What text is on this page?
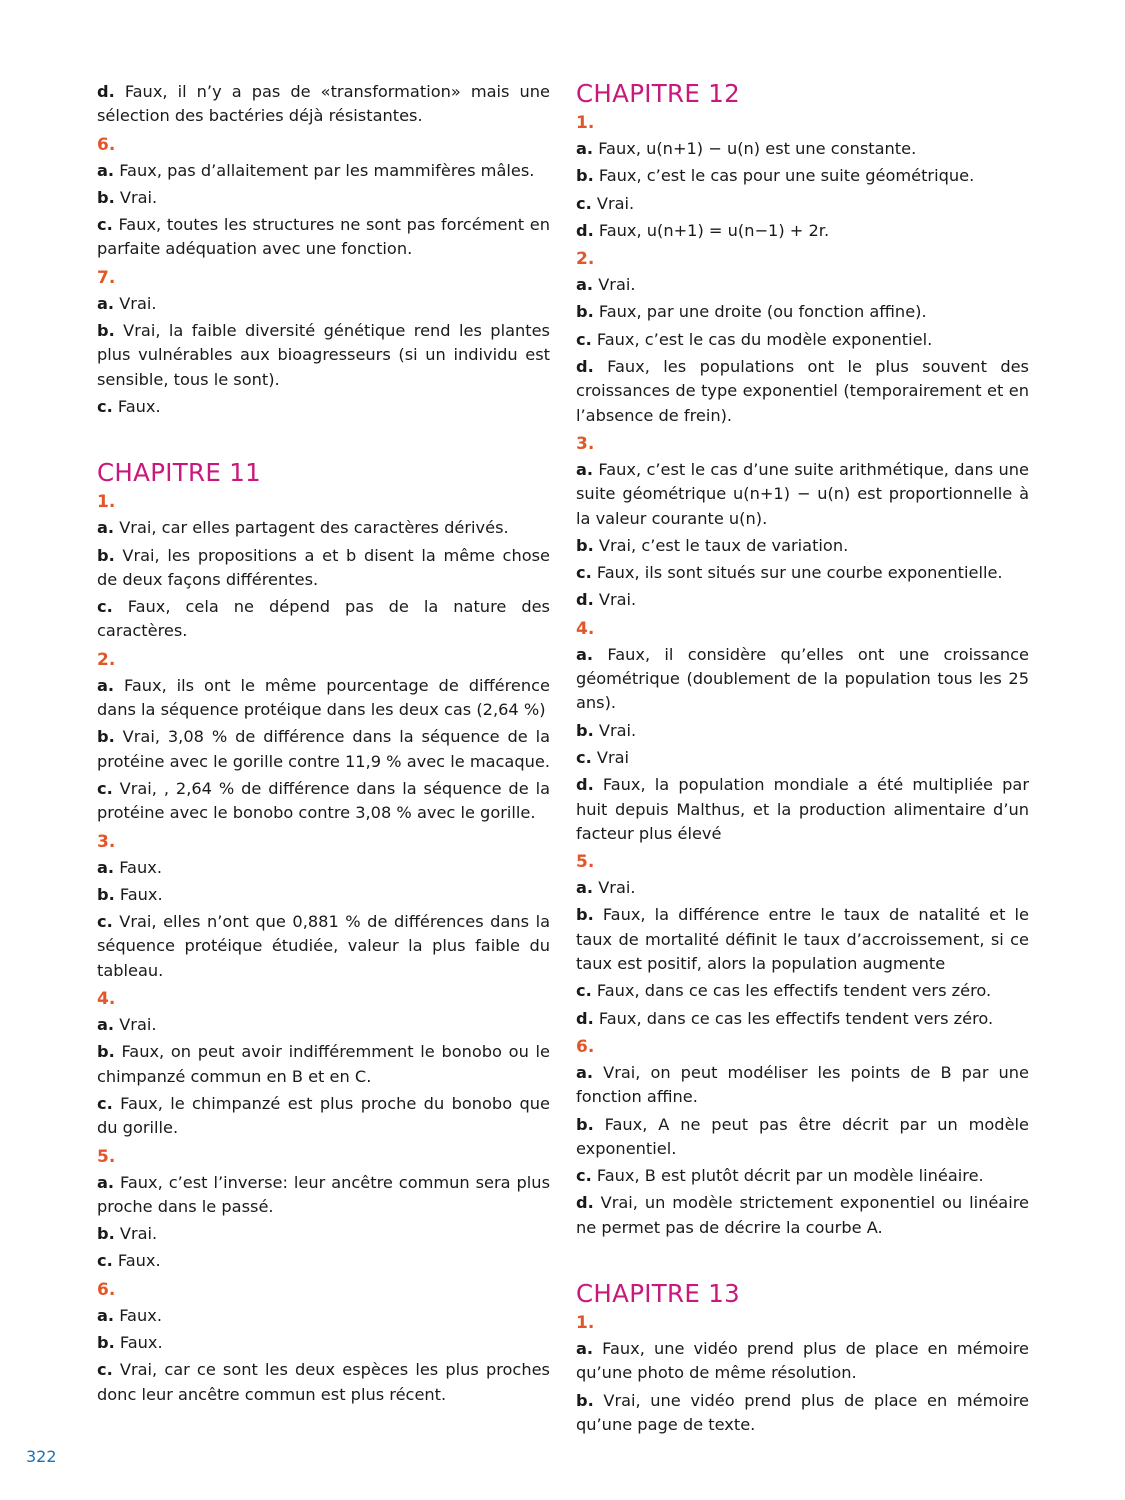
d. Faux, il n’y a pas de «transformation» mais une sélection des bactéries déjà résistantes.
6.
a. Faux, pas d’allaitement par les mammifères mâles.
b. Vrai.
c. Faux, toutes les structures ne sont pas forcément en parfaite adéquation avec une fonction.
7.
a. Vrai.
b. Vrai, la faible diversité génétique rend les plantes plus vulnérables aux bioagresseurs (si un individu est sensible, tous le sont).
c. Faux.
CHAPITRE 11
1.
a. Vrai, car elles partagent des caractères dérivés.
b. Vrai, les propositions a et b disent la même chose de deux façons différentes.
c. Faux, cela ne dépend pas de la nature des caractères.
2.
a. Faux, ils ont le même pourcentage de différence dans la séquence protéique dans les deux cas (2,64 %)
b. Vrai, 3,08 % de différence dans la séquence de la protéine avec le gorille contre 11,9 % avec le macaque.
c. Vrai, , 2,64 % de différence dans la séquence de la protéine avec le bonobo contre 3,08 % avec le gorille.
3.
a. Faux.
b. Faux.
c. Vrai, elles n’ont que 0,881 % de différences dans la séquence protéique étudiée, valeur la plus faible du tableau.
4.
a. Vrai.
b. Faux, on peut avoir indifféremment le bonobo ou le chimpanzé commun en B et en C.
c. Faux, le chimpanzé est plus proche du bonobo que du gorille.
5.
a. Faux, c’est l’inverse: leur ancêtre commun sera plus proche dans le passé.
b. Vrai.
c. Faux.
6.
a. Faux.
b. Faux.
c. Vrai, car ce sont les deux espèces les plus proches donc leur ancêtre commun est plus récent.
CHAPITRE 12
1.
a. Faux, u(n+1) − u(n) est une constante.
b. Faux, c’est le cas pour une suite géométrique.
c. Vrai.
d. Faux, u(n+1) = u(n−1) + 2r.
2.
a. Vrai.
b. Faux, par une droite (ou fonction affine).
c. Faux, c’est le cas du modèle exponentiel.
d. Faux, les populations ont le plus souvent des croissances de type exponentiel (temporairement et en l’absence de frein).
3.
a. Faux, c’est le cas d’une suite arithmétique, dans une suite géométrique u(n+1) − u(n) est proportionnelle à la valeur courante u(n).
b. Vrai, c’est le taux de variation.
c. Faux, ils sont situés sur une courbe exponentielle.
d. Vrai.
4.
a. Faux, il considère qu’elles ont une croissance géométrique (doublement de la population tous les 25 ans).
b. Vrai.
c. Vrai
d. Faux, la population mondiale a été multipliée par huit depuis Malthus, et la production alimentaire d’un facteur plus élevé
5.
a. Vrai.
b. Faux, la différence entre le taux de natalité et le taux de mortalité définit le taux d’accroissement, si ce taux est positif, alors la population augmente
c. Faux, dans ce cas les effectifs tendent vers zéro.
d. Faux, dans ce cas les effectifs tendent vers zéro.
6.
a. Vrai, on peut modéliser les points de B par une fonction affine.
b. Faux, A ne peut pas être décrit par un modèle exponentiel.
c. Faux, B est plutôt décrit par un modèle linéaire.
d. Vrai, un modèle strictement exponentiel ou linéaire ne permet pas de décrire la courbe A.
CHAPITRE 13
1.
a. Faux, une vidéo prend plus de place en mémoire qu’une photo de même résolution.
b. Vrai, une vidéo prend plus de place en mémoire qu’une page de texte.
322
